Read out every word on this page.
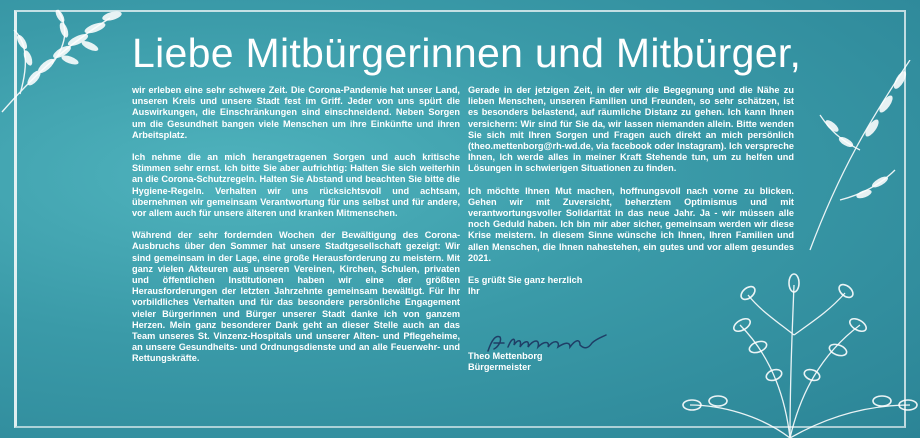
Liebe Mitbürgerinnen und Mitbürger,

wir erleben eine sehr schwere Zeit. Die Corona-Pandemie hat unser Land, unseren Kreis und unsere Stadt fest im Griff. Jeder von uns spürt die Auswirkungen, die Einschränkungen sind einschneidend. Neben Sorgen um die Gesundheit bangen viele Menschen um ihre Einkünfte und ihren Arbeitsplatz.

Ich nehme die an mich herangetragenen Sorgen und auch kritische Stimmen sehr ernst. Ich bitte Sie aber aufrichtig: Halten Sie sich weiterhin an die Corona-Schutzregeln. Halten Sie Abstand und beachten Sie bitte die Hygiene-Regeln. Verhalten wir uns rücksichtsvoll und achtsam, übernehmen wir gemeinsam Verantwortung für uns selbst und für andere, vor allem auch für unsere älteren und kranken Mitmenschen.

Während der sehr fordernden Wochen der Bewältigung des Corona-Ausbruchs über den Sommer hat unsere Stadtgesellschaft gezeigt: Wir sind gemeinsam in der Lage, eine große Herausforderung zu meistern. Mit ganz vielen Akteuren aus unseren Vereinen, Kirchen, Schulen, privaten und öffentlichen Institutionen haben wir eine der größten Herausforderungen der letzten Jahrzehnte gemeinsam bewältigt. Für Ihr vorbildliches Verhalten und für das besondere persönliche Engagement vieler Bürgerinnen und Bürger unserer Stadt danke ich von ganzem Herzen. Mein ganz besonderer Dank geht an dieser Stelle auch an das Team unseres St. Vinzenz-Hospitals und unserer Alten- und Pflegeheime, an unsere Gesundheits- und Ordnungsdienste und an alle Feuerwehr- und Rettungskräfte.

Gerade in der jetzigen Zeit, in der wir die Begegnung und die Nähe zu lieben Menschen, unseren Familien und Freunden, so sehr schätzen, ist es besonders belastend, auf räumliche Distanz zu gehen. Ich kann Ihnen versichern: Wir sind für Sie da, wir lassen niemanden allein. Bitte wenden Sie sich mit Ihren Sorgen und Fragen auch direkt an mich persönlich (theo.mettenborg@rh-wd.de, via facebook oder Instagram). Ich verspreche Ihnen, Ich werde alles in meiner Kraft Stehende tun, um zu helfen und Lösungen in schwierigen Situationen zu finden.

Ich möchte Ihnen Mut machen, hoffnungsvoll nach vorne zu blicken. Gehen wir mit Zuversicht, beherztem Optimismus und mit verantwortungsvoller Solidarität in das neue Jahr. Ja - wir müssen alle noch Geduld haben. Ich bin mir aber sicher, gemeinsam werden wir diese Krise meistern. In diesem Sinne wünsche ich Ihnen, Ihren Familien und allen Menschen, die Ihnen nahestehen, ein gutes und vor allem gesundes 2021.

Es grüßt Sie ganz herzlich
Ihr
Theo Mettenborg
Bürgermeister
